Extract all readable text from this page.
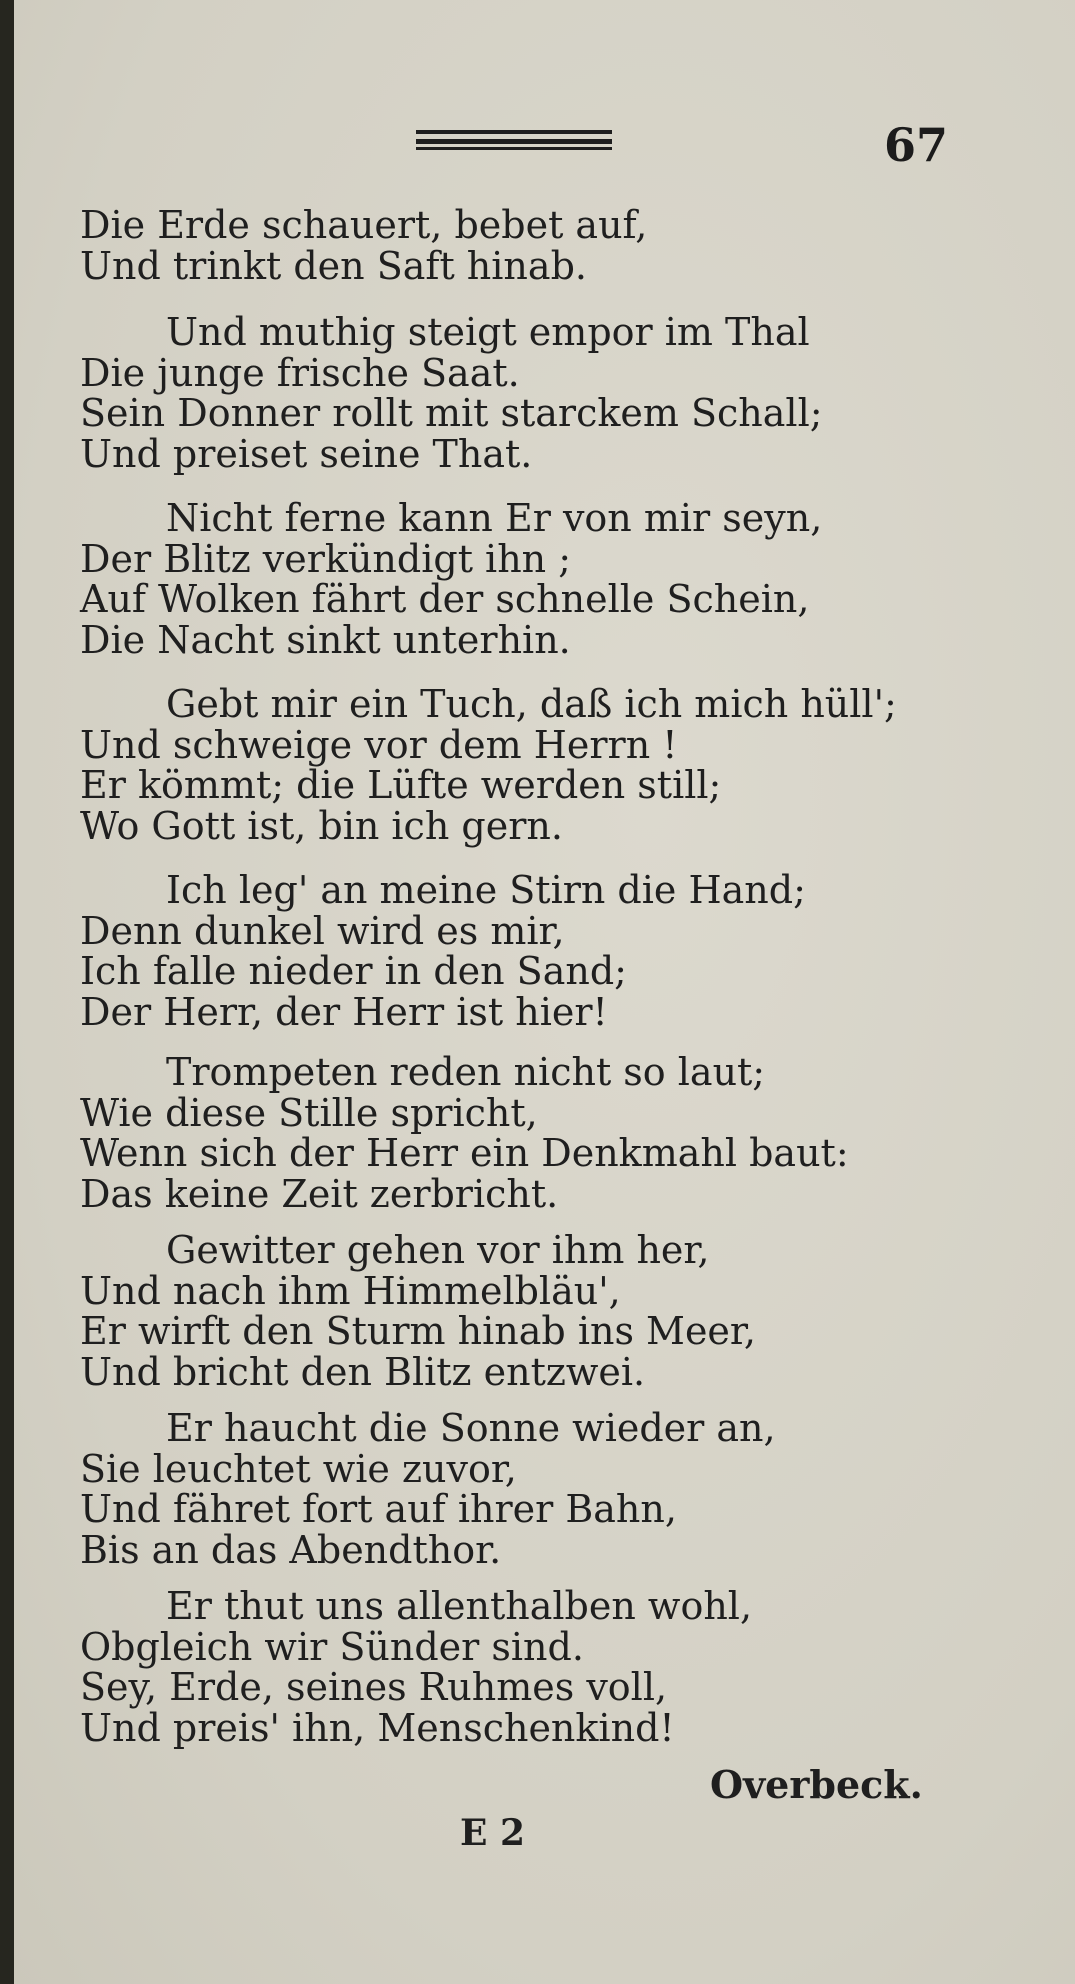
67
Die Erde schauert, bebet auf,
Und trinkt den Saft hinab.
Und muthig steigt empor im Thal
Die junge frische Saat.
Sein Donner rollt mit starckem Schall;
Und preiset seine That.
Nicht ferne kann Er von mir seyn,
Der Blitz verkündigt ihn ;
Auf Wolken fährt der schnelle Schein,
Die Nacht sinkt unterhin.
Gebt mir ein Tuch, daß ich mich hüll';
Und schweige vor dem Herrn !
Er kömmt; die Lüfte werden still;
Wo Gott ist, bin ich gern.
Ich leg' an meine Stirn die Hand;
Denn dunkel wird es mir,
Ich falle nieder in den Sand;
Der Herr, der Herr ist hier!
Trompeten reden nicht so laut;
Wie diese Stille spricht,
Wenn sich der Herr ein Denkmahl baut:
Das keine Zeit zerbricht.
Gewitter gehen vor ihm her,
Und nach ihm Himmelbläu',
Er wirft den Sturm hinab ins Meer,
Und bricht den Blitz entzwei.
Er haucht die Sonne wieder an,
Sie leuchtet wie zuvor,
Und fähret fort auf ihrer Bahn,
Bis an das Abendthor.
Er thut uns allenthalben wohl,
Obgleich wir Sünder sind.
Sey, Erde, seines Ruhmes voll,
Und preis' ihn, Menschenkind!
Overbeck.
E 2
